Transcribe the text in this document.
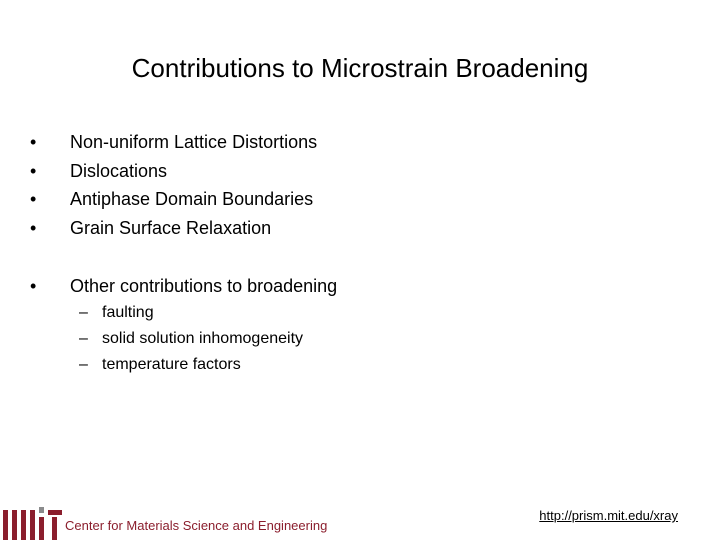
Contributions to Microstrain Broadening
• Non-uniform Lattice Distortions
• Dislocations
• Antiphase Domain Boundaries
• Grain Surface Relaxation
• Other contributions to broadening
– faulting
– solid solution inhomogeneity
– temperature factors
Center for Materials Science and Engineering
http://prism.mit.edu/xray
